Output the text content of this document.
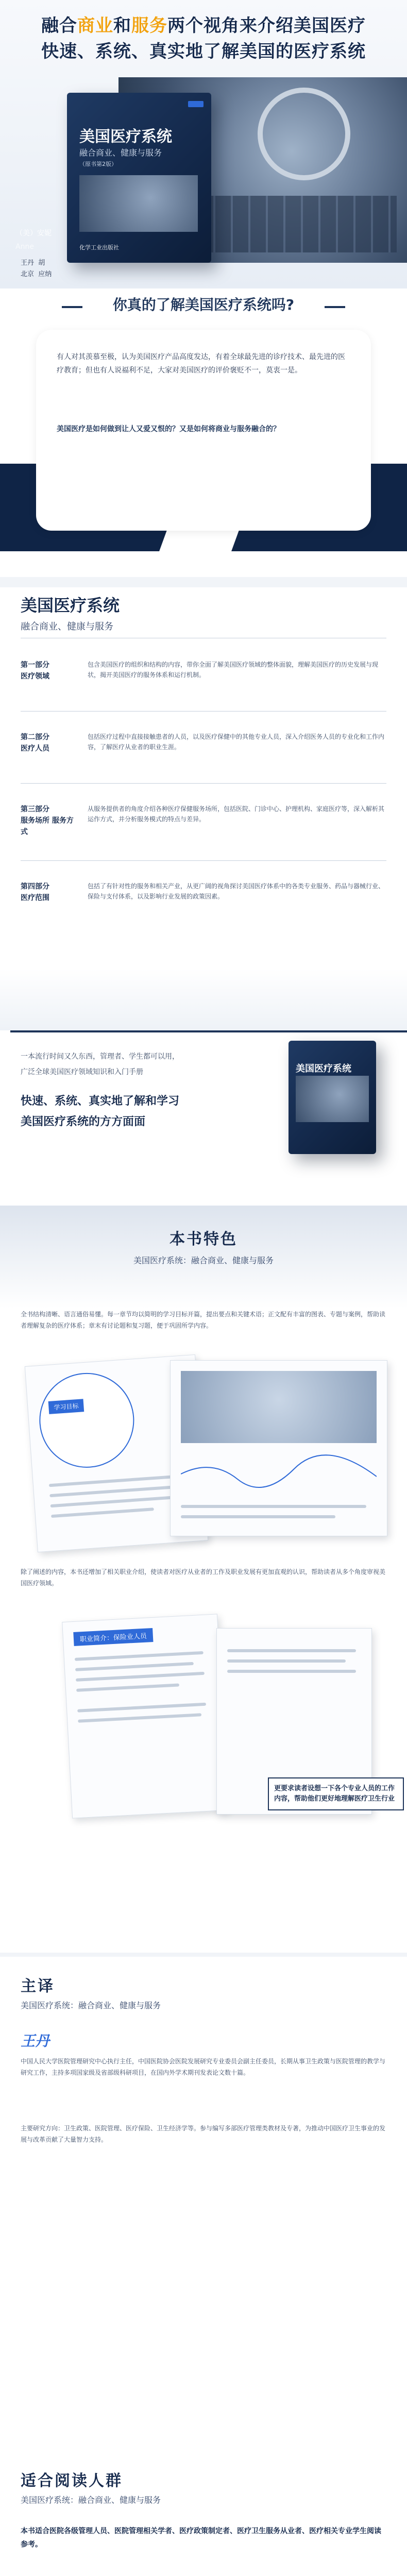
融合商业和服务两个视角来介绍美国医疗
快速、系统、真实地了解美国的医疗系统
美国医疗系统
融合商业、健康与服务
（原书第2版）
化学工业出版社
（美）安妮
Anne
王丹 胡
北京 应纳
你真的了解美国医疗系统吗?
有人对其羡慕至极，认为美国医疗产品高度发达，有着全球最先进的诊疗技术、最先进的医疗教育；但也有人说福利不足，大家对美国医疗的评价褒贬不一，莫衷一是。
美国医疗是如何做到让人又爱又恨的？又是如何将商业与服务融合的？
美国医疗系统
融合商业、健康与服务
第一部分
医疗领域
包含美国医疗的组织和结构的内容，带你全面了解美国医疗领域的整体面貌，理解美国医疗的历史发展与现状，揭开美国医疗的服务体系和运行机制。
第二部分
医疗人员
包括医疗过程中直接接触患者的人员，以及医疗保健中的其他专业人员，深入介绍医务人员的专业化和工作内容，了解医疗从业者的职业生涯。
第三部分
服务场所 服务方式
从服务提供者的角度介绍各种医疗保健服务场所，包括医院、门诊中心、护理机构、家庭医疗等，深入解析其运作方式，并分析服务模式的特点与差异。
第四部分
医疗范围
包括了有针对性的服务和相关产业，从更广阔的视角探讨美国医疗体系中的各类专业服务、药品与器械行业、保险与支付体系，以及影响行业发展的政策因素。
一本流行时间又久东西，管理者、学生都可以用，
广泛全球美国医疗领域知识和入门手册
快速、系统、真实地了解和学习
美国医疗系统的方方面面
美国医疗系统
本书特色
美国医疗系统：融合商业、健康与服务
全书结构清晰、语言通俗易懂。每一章节均以简明的学习目标开篇，提出要点和关键术语；正文配有丰富的图表、专题与案例，帮助读者理解复杂的医疗体系；章末有讨论题和复习题，便于巩固所学内容。
学习目标
除了阐述的内容，本书还增加了相关职业介绍，使读者对医疗从业者的工作及职业发展有更加直观的认识，帮助读者从多个角度审视美国医疗领域。
职业简介：保险业人员
更要求读者设想一下各个专业人员的工作内容，帮助他们更好地理解医疗卫生行业
主译
美国医疗系统：融合商业、健康与服务
王丹
中国人民大学医院管理研究中心执行主任，中国医院协会医院发展研究专业委员会副主任委员，长期从事卫生政策与医院管理的教学与研究工作，主持多项国家级及省部级科研项目，在国内外学术期刊发表论文数十篇。
主要研究方向：卫生政策、医院管理、医疗保险、卫生经济学等。参与编写多部医疗管理类教材及专著，为推动中国医疗卫生事业的发展与改革贡献了大量智力支持。
适合阅读人群
美国医疗系统：融合商业、健康与服务
本书适合医院各级管理人员、医院管理相关学者、医疗政策制定者、医疗卫生服务从业者、医疗相关专业学生阅读参考。
